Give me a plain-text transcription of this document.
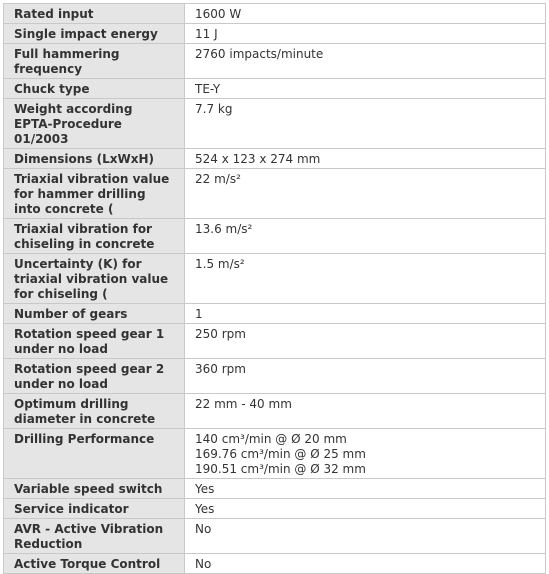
Rated input	1600 W

Single impact energy	11 J

Full hammering frequency	2760 impacts/minute

Chuck type	TE-Y

Weight according EPTA-Procedure 01/2003	7.7 kg

Dimensions (LxWxH)	524 x 123 x 274 mm

Triaxial vibration value for hammer drilling into concrete (	22 m/s²

Triaxial vibration for chiseling in concrete	13.6 m/s²

Uncertainty (K) for triaxial vibration value for chiseling (	1.5 m/s²

Number of gears	1

Rotation speed gear 1 under no load	250 rpm

Rotation speed gear 2 under no load	360 rpm

Optimum drilling diameter in concrete	22 mm - 40 mm

Drilling Performance	140 cm³/min @ Ø 20 mm
169.76 cm³/min @ Ø 25 mm
190.51 cm³/min @ Ø 32 mm

Variable speed switch	Yes

Service indicator	Yes

AVR - Active Vibration Reduction	No

Active Torque Control	No
